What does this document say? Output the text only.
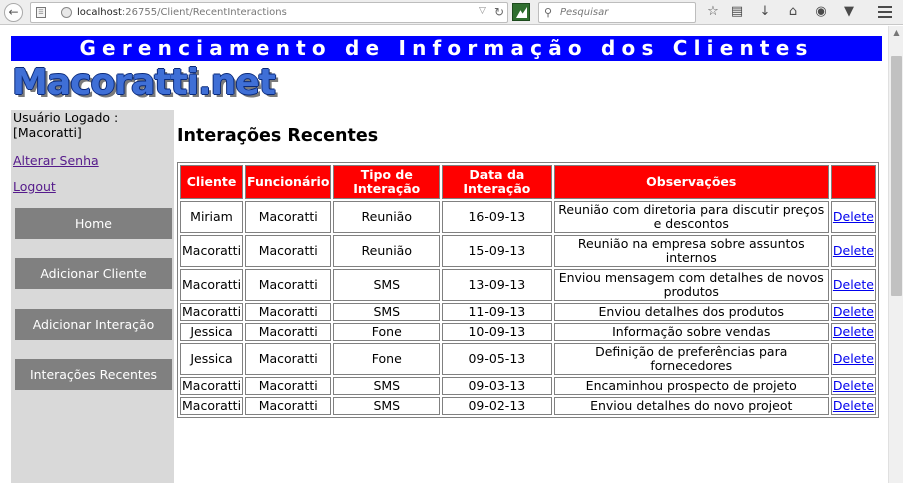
←	☰	localhost:26755/Client/RecentInteractions	▽ ↻	⚲ Pesquisar	☆ ▤ ↓	⌂	◉	▼
Gerenciamento de Informação dos Clientes
Macoratti.net
Usuário Logado :
[Macoratti]
Alterar Senha
Logout
Home
Adicionar Cliente
Adicionar Interação
Interações Recentes
Interações Recentes
Cliente	Funcionário	Tipo de Interação	Data da Interação	Observações	
Miriam	Macoratti	Reunião	16-09-13	Reunião com diretoria para discutir preços e descontos	Delete
Macoratti	Macoratti	Reunião	15-09-13	Reunião na empresa sobre assuntos internos	Delete
Macoratti	Macoratti	SMS	13-09-13	Enviou mensagem com detalhes de novos produtos	Delete
Macoratti	Macoratti	SMS	11-09-13	Enviou detalhes dos produtos	Delete
Jessica	Macoratti	Fone	10-09-13	Informação sobre vendas	Delete
Jessica	Macoratti	Fone	09-05-13	Definição de preferências para fornecedores	Delete
Macoratti	Macoratti	SMS	09-03-13	Encaminhou prospecto de projeto	Delete
Macoratti	Macoratti	SMS	09-02-13	Enviou detalhes do novo projeot	Delete
▲
